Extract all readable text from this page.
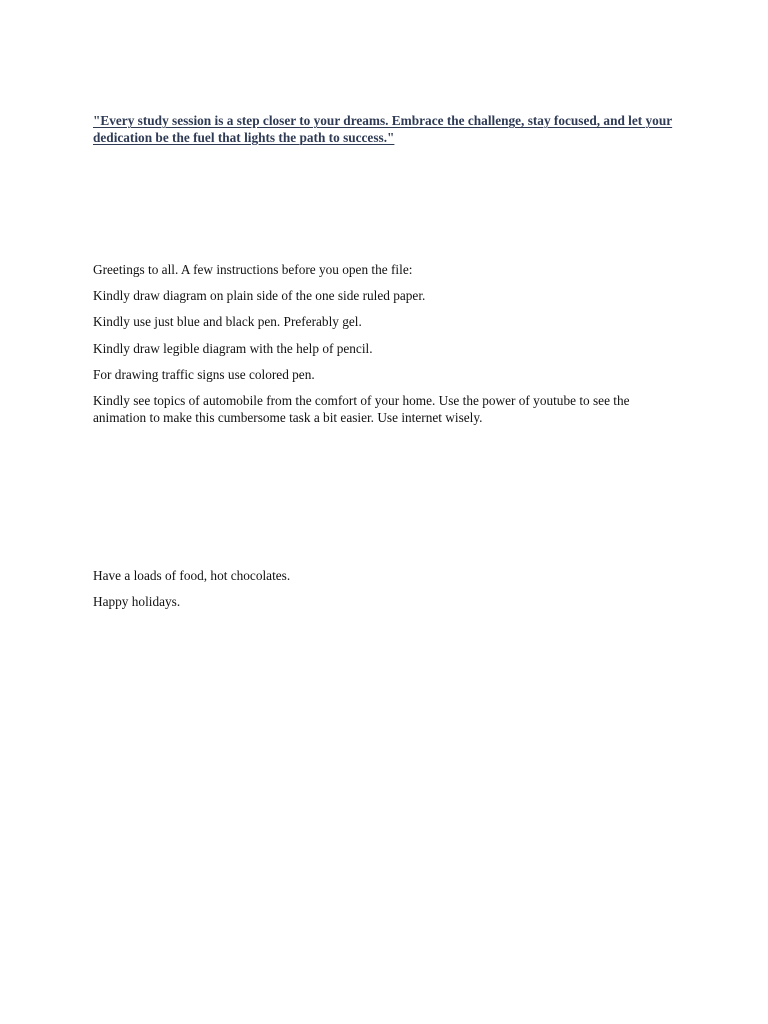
"Every study session is a step closer to your dreams. Embrace the challenge, stay focused, and let your dedication be the fuel that lights the path to success."

Greetings to all. A few instructions before you open the file:

Kindly draw diagram on plain side of the one side ruled paper.

Kindly use just blue and black pen. Preferably gel.

Kindly draw legible diagram with the help of pencil.

For drawing traffic signs use colored pen.

Kindly see topics of automobile from the comfort of your home. Use the power of youtube to see the animation to make this cumbersome task a bit easier. Use internet wisely.

Have a loads of food, hot chocolates.

Happy holidays.
